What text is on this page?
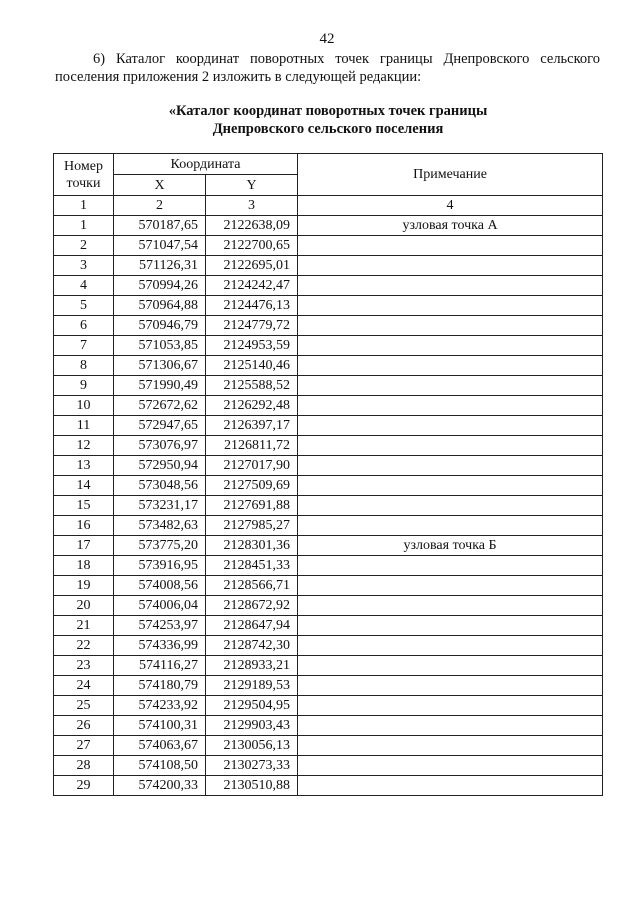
42
6) Каталог координат поворотных точек границы Днепровского сельского поселения приложения 2 изложить в следующей редакции:
«Каталог координат поворотных точек границы
Днепровского сельского поселения
Номер точки	Координата		Примечание
	X	Y	
1	2	3	4
1	570187,65	2122638,09	узловая точка А
2	571047,54	2122700,65	
3	571126,31	2122695,01	
4	570994,26	2124242,47	
5	570964,88	2124476,13	
6	570946,79	2124779,72	
7	571053,85	2124953,59	
8	571306,67	2125140,46	
9	571990,49	2125588,52	
10	572672,62	2126292,48	
11	572947,65	2126397,17	
12	573076,97	2126811,72	
13	572950,94	2127017,90	
14	573048,56	2127509,69	
15	573231,17	2127691,88	
16	573482,63	2127985,27	
17	573775,20	2128301,36	узловая точка Б
18	573916,95	2128451,33	
19	574008,56	2128566,71	
20	574006,04	2128672,92	
21	574253,97	2128647,94	
22	574336,99	2128742,30	
23	574116,27	2128933,21	
24	574180,79	2129189,53	
25	574233,92	2129504,95	
26	574100,31	2129903,43	
27	574063,67	2130056,13	
28	574108,50	2130273,33	
29	574200,33	2130510,88	
